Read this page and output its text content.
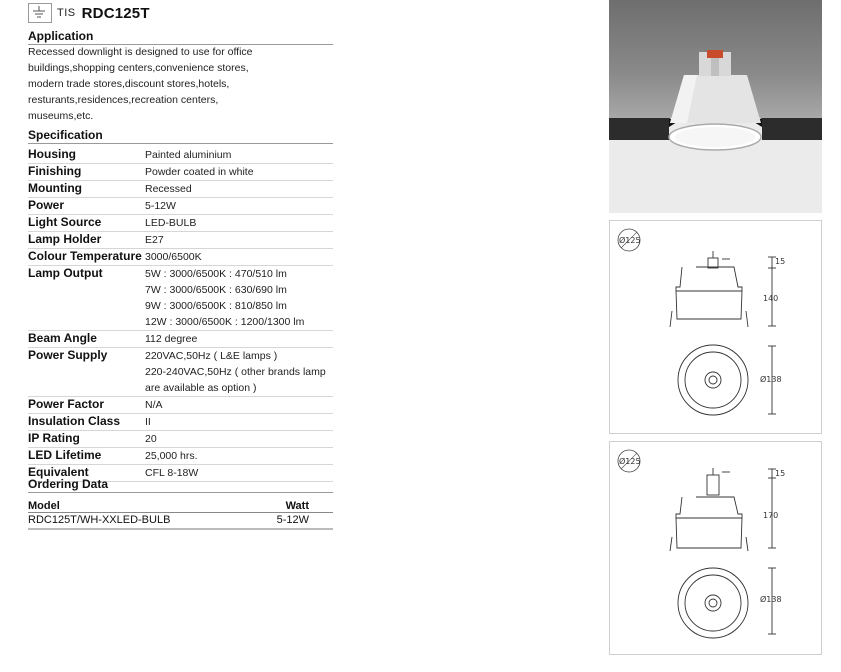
TIS RDC125T
Application
Recessed downlight is designed to use for office
buildings,shopping centers,convenience stores,
modern trade stores,discount stores,hotels,
resturants,residences,recreation centers,
museums,etc.
Specification
Housing	Painted aluminium
Finishing	Powder coated in white
Mounting	Recessed
Power	5-12W
Light Source	LED-BULB
Lamp Holder	E27
Colour Temperature 3000/6500K
Lamp Output	5W : 3000/6500K : 470/510 lm
7W : 3000/6500K : 630/690 lm
9W : 3000/6500K : 810/850 lm
12W : 3000/6500K : 1200/1300 lm
Beam Angle	112 degree
Power Supply	220VAC,50Hz ( L&E lamps )
220-240VAC,50Hz ( other brands lamp
are available as option )
Power Factor	N/A
Insulation Class	II
IP Rating	20
LED Lifetime	25,000 hrs.
Equivalent	CFL 8-18W
Ordering Data
Model	Watt
RDC125T/WH-XXLED-BULB	5-12W
Ø125
15
140
Ø138
Ø125
15
170
Ø138
